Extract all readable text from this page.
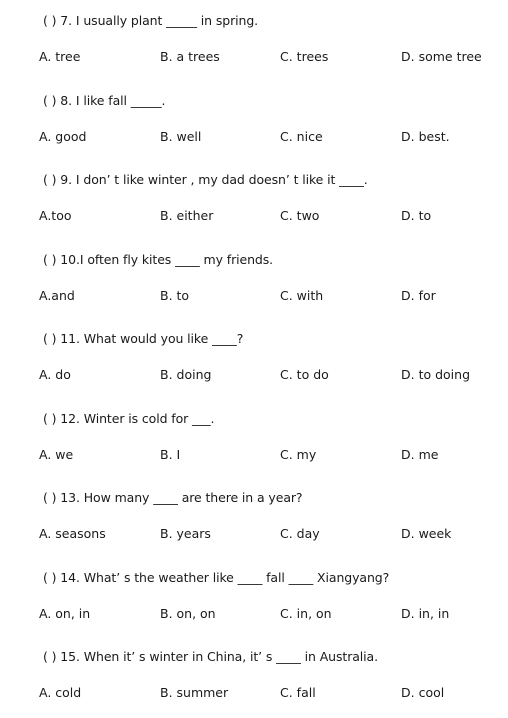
( ) 7. I usually plant _____ in spring.
A. tree	B. a trees	C. trees	D. some tree
( ) 8. I like fall _____.
A. good	B. well	C. nice	D. best.
( ) 9. I don’ t like winter , my dad doesn’ t like it ____.
A.too	B. either	C. two	D. to
( ) 10.I often fly kites ____ my friends.
A.and	B. to	C. with	D. for
( ) 11. What would you like ____?
A. do	B. doing	C. to do	D. to doing
( ) 12. Winter is cold for ___.
A. we	B. I	C. my	D. me
( ) 13. How many ____ are there in a year?
A. seasons	B. years	C. day	D. week
( ) 14. What’ s the weather like ____ fall ____ Xiangyang?
A. on, in	B. on, on	C. in, on	D. in, in
( ) 15. When it’ s winter in China, it’ s ____ in Australia.
A. cold	B. summer	C. fall	D. cool
